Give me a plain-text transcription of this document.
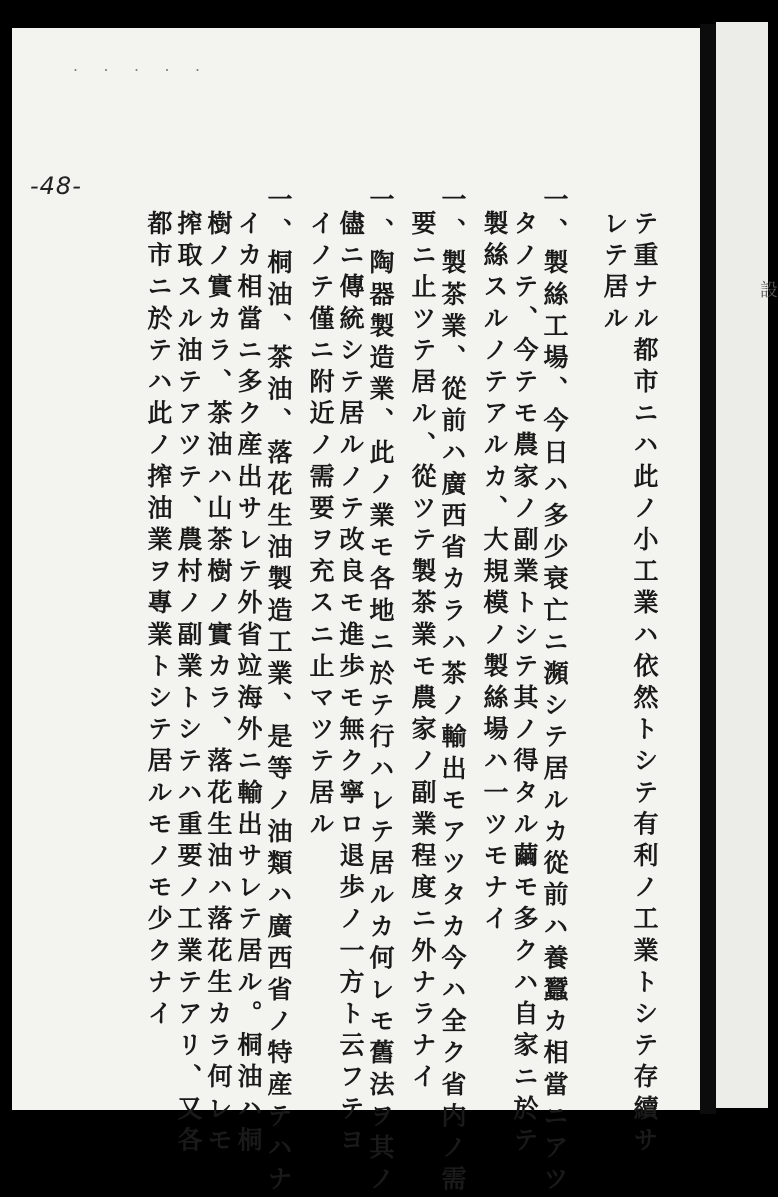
設
・ ・ ・ ・ ・
-48-
テ重ナル都市ニハ此ノ小工業ハ依然トシテ有利ノ工業トシテ存續サ
レテ居ル
一、製絲工場、今日ハ多少衰亡ニ瀕シテ居ルカ從前ハ養蠶カ相當ニアツ
タノテ、今テモ農家ノ副業トシテ其ノ得タル繭モ多クハ自家ニ於テ
製絲スルノテアルカ、大規模ノ製絲場ハ一ツモナイ
一、製茶業、從前ハ廣西省カラハ茶ノ輸出モアツタカ今ハ全ク省内ノ需
要ニ止ツテ居ル、從ツテ製茶業モ農家ノ副業程度ニ外ナラナイ
一、陶器製造業、此ノ業モ各地ニ於テ行ハレテ居ルカ何レモ舊法ヲ其ノ
儘ニ傳統シテ居ルノテ改良モ進歩モ無ク寧ロ退歩ノ一方ト云フテヨ
イノテ僅ニ附近ノ需要ヲ充スニ止マツテ居ル
一、桐油、茶油、落花生油製造工業、是等ノ油類ハ廣西省ノ特産テハナ
イカ相當ニ多ク産出サレテ外省竝海外ニ輸出サレテ居ル。桐油ハ桐
樹ノ實カラ、茶油ハ山茶樹ノ實カラ、落花生油ハ落花生カラ何レモ
搾取スル油テアツテ、農村ノ副業トシテハ重要ノ工業テアリ、又各
都市ニ於テハ此ノ搾油業ヲ專業トシテ居ルモノモ少クナイ
